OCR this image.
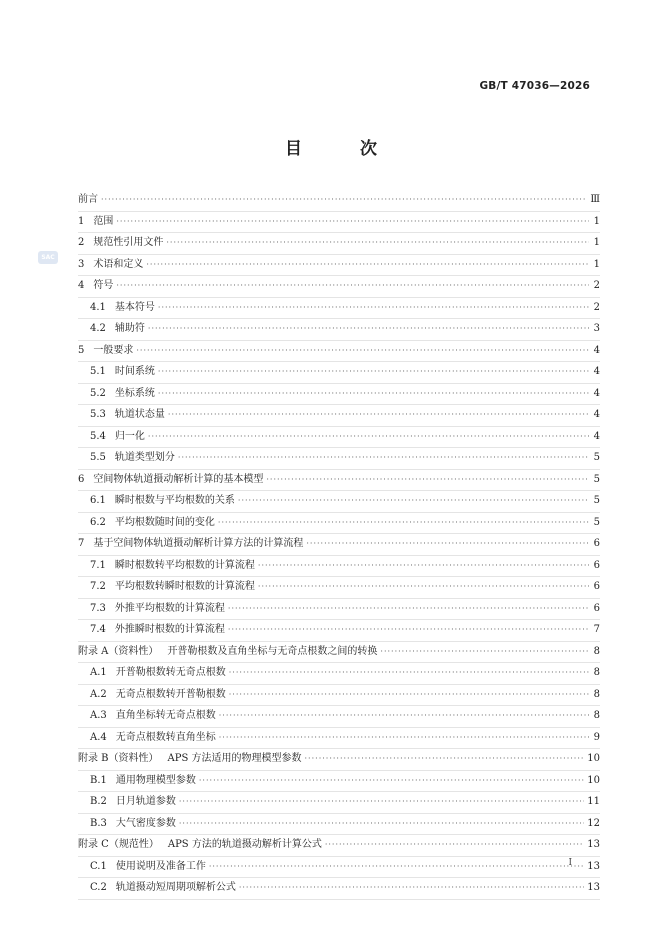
GB/T 47036—2026
SAC
目 次
前言 ·····	Ⅲ
1 范围 ·····	1
2 规范性引用文件 ·····	1
3 术语和定义 ·····	1
4 符号 ·····	2
4.1 基本符号 ·····	2
4.2 辅助符 ·····	3
5 一般要求 ·····	4
5.1 时间系统 ·····	4
5.2 坐标系统 ·····	4
5.3 轨道状态量 ·····	4
5.4 归一化 ·····	4
5.5 轨道类型划分 ·····	5
6 空间物体轨道摄动解析计算的基本模型 ·····	5
6.1 瞬时根数与平均根数的关系 ·····	5
6.2 平均根数随时间的变化 ·····	5
7 基于空间物体轨道摄动解析计算方法的计算流程 ·····	6
7.1 瞬时根数转平均根数的计算流程 ·····	6
7.2 平均根数转瞬时根数的计算流程 ·····	6
7.3 外推平均根数的计算流程 ·····	6
7.4 外推瞬时根数的计算流程 ·····	7
附录 A（资料性） 开普勒根数及直角坐标与无奇点根数之间的转换 ·····	8
A.1 开普勒根数转无奇点根数 ·····	8
A.2 无奇点根数转开普勒根数 ·····	8
A.3 直角坐标转无奇点根数 ·····	8
A.4 无奇点根数转直角坐标 ·····	9
附录 B（资料性） APS 方法适用的物理模型参数 ·····	10
B.1 通用物理模型参数 ·····	10
B.2 日月轨道参数 ·····	11
B.3 大气密度参数 ·····	12
附录 C（规范性） APS 方法的轨道摄动解析计算公式 ·····	13
C.1 使用说明及准备工作 ·····	13
C.2 轨道摄动短周期项解析公式 ·····	13
Ⅰ
